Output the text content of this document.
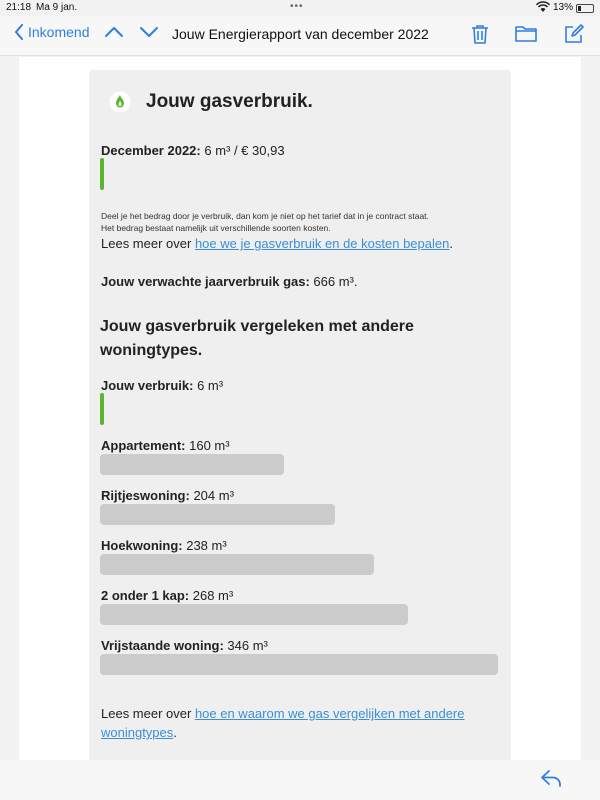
21:18 Ma 9 jan.	•••	13%
Inkomend	Jouw Energierapport van december 2022
Jouw gasverbruik.
December 2022: 6 m³ / € 30,93
Deel je het bedrag door je verbruik, dan kom je niet op het tarief dat in je contract staat.
Het bedrag bestaat namelijk uit verschillende soorten kosten.
Lees meer over hoe we je gasverbruik en de kosten bepalen.
Jouw verwachte jaarverbruik gas: 666 m³.
Jouw gasverbruik vergeleken met andere woningtypes.
Jouw verbruik: 6 m³
Appartement: 160 m³
Rijtjeswoning: 204 m³
Hoekwoning: 238 m³
2 onder 1 kap: 268 m³
Vrijstaande woning: 346 m³
Lees meer over hoe en waarom we gas vergelijken met andere
woningtypes.
